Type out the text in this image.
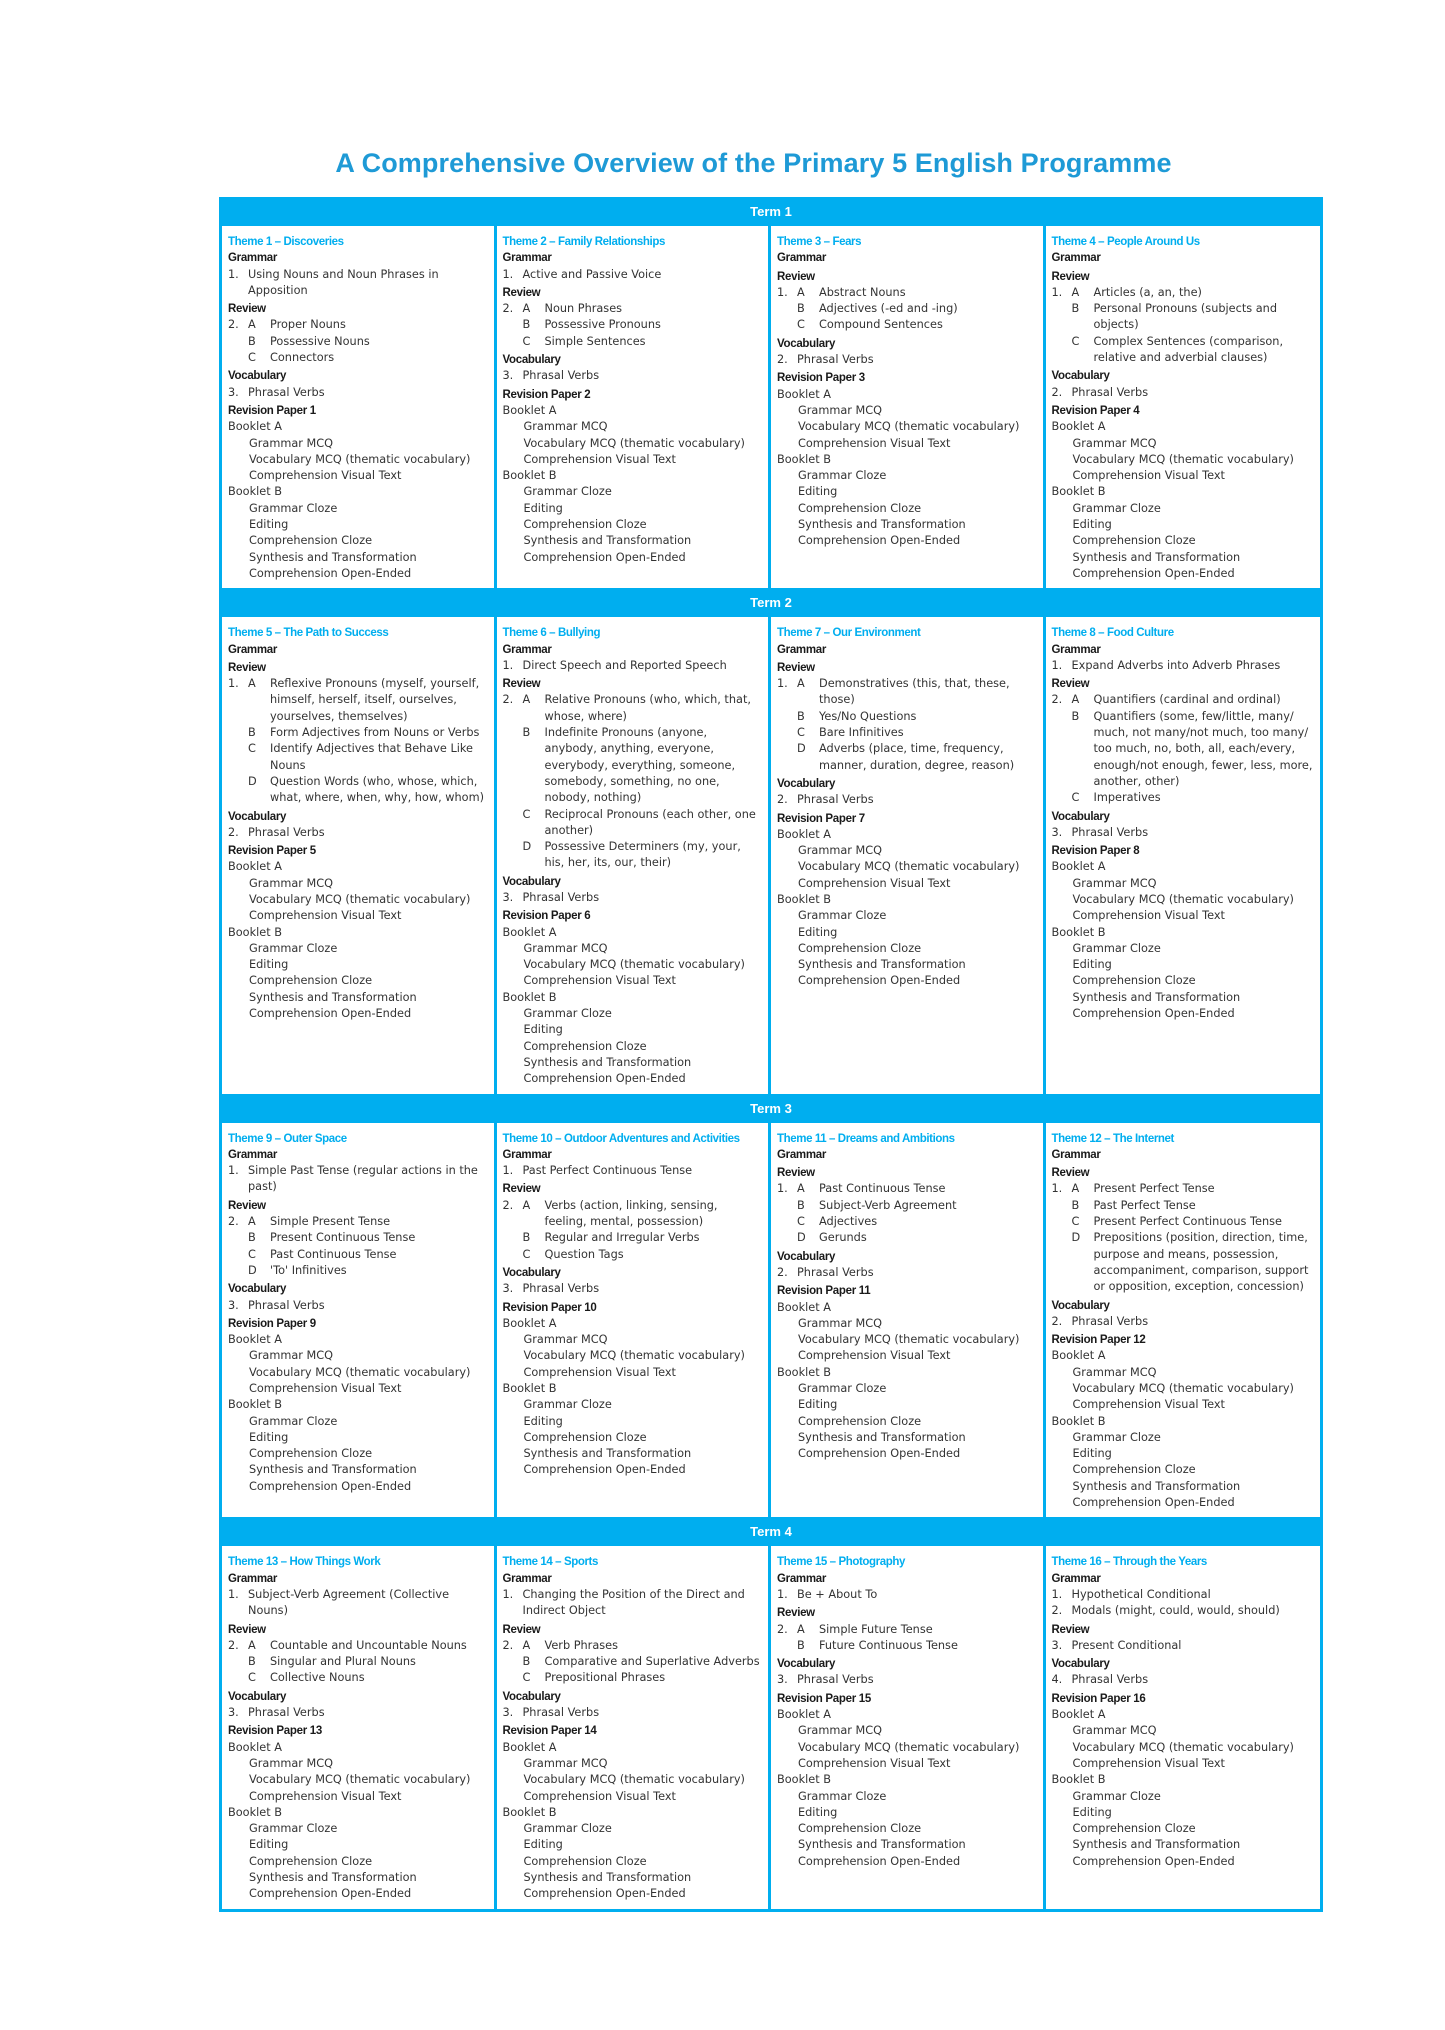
A Comprehensive Overview of the Primary 5 English Programme
Term 1
Theme 1 – Discoveries
Grammar
1. Using Nouns and Noun Phrases in Apposition
Review
2. A Proper Nouns
B Possessive Nouns
C Connectors
Vocabulary
3. Phrasal Verbs
Revision Paper 1
Booklet A
Grammar MCQ
Vocabulary MCQ (thematic vocabulary)
Comprehension Visual Text
Booklet B
Grammar Cloze
Editing
Comprehension Cloze
Synthesis and Transformation
Comprehension Open-Ended
Theme 2 – Family Relationships
Grammar
1. Active and Passive Voice
Review
2. A Noun Phrases
B Possessive Pronouns
C Simple Sentences
Vocabulary
3. Phrasal Verbs
Revision Paper 2
Booklet A
Grammar MCQ
Vocabulary MCQ (thematic vocabulary)
Comprehension Visual Text
Booklet B
Grammar Cloze
Editing
Comprehension Cloze
Synthesis and Transformation
Comprehension Open-Ended
Theme 3 – Fears
Grammar
Review
1. A Abstract Nouns
B Adjectives (-ed and -ing)
C Compound Sentences
Vocabulary
2. Phrasal Verbs
Revision Paper 3
Booklet A
Grammar MCQ
Vocabulary MCQ (thematic vocabulary)
Comprehension Visual Text
Booklet B
Grammar Cloze
Editing
Comprehension Cloze
Synthesis and Transformation
Comprehension Open-Ended
Theme 4 – People Around Us
Grammar
Review
1. A Articles (a, an, the)
B Personal Pronouns (subjects and objects)
C Complex Sentences (comparison, relative and adverbial clauses)
Vocabulary
2. Phrasal Verbs
Revision Paper 4
Booklet A
Grammar MCQ
Vocabulary MCQ (thematic vocabulary)
Comprehension Visual Text
Booklet B
Grammar Cloze
Editing
Comprehension Cloze
Synthesis and Transformation
Comprehension Open-Ended
Term 2
Theme 5 – The Path to Success
Grammar
Review
1. A Reflexive Pronouns (myself, yourself, himself, herself, itself, ourselves, yourselves, themselves)
B Form Adjectives from Nouns or Verbs
C Identify Adjectives that Behave Like Nouns
D Question Words (who, whose, which, what, where, when, why, how, whom)
Vocabulary
2. Phrasal Verbs
Revision Paper 5
Booklet A
Grammar MCQ
Vocabulary MCQ (thematic vocabulary)
Comprehension Visual Text
Booklet B
Grammar Cloze
Editing
Comprehension Cloze
Synthesis and Transformation
Comprehension Open-Ended
Theme 6 – Bullying
Grammar
1. Direct Speech and Reported Speech
Review
2. A Relative Pronouns (who, which, that, whose, where)
B Indefinite Pronouns (anyone, anybody, anything, everyone, everybody, everything, someone, somebody, something, no one, nobody, nothing)
C Reciprocal Pronouns (each other, one another)
D Possessive Determiners (my, your, his, her, its, our, their)
Vocabulary
3. Phrasal Verbs
Revision Paper 6
Booklet A
Grammar MCQ
Vocabulary MCQ (thematic vocabulary)
Comprehension Visual Text
Booklet B
Grammar Cloze
Editing
Comprehension Cloze
Synthesis and Transformation
Comprehension Open-Ended
Theme 7 – Our Environment
Grammar
Review
1. A Demonstratives (this, that, these, those)
B Yes/No Questions
C Bare Infinitives
D Adverbs (place, time, frequency, manner, duration, degree, reason)
Vocabulary
2. Phrasal Verbs
Revision Paper 7
Booklet A
Grammar MCQ
Vocabulary MCQ (thematic vocabulary)
Comprehension Visual Text
Booklet B
Grammar Cloze
Editing
Comprehension Cloze
Synthesis and Transformation
Comprehension Open-Ended
Theme 8 – Food Culture
Grammar
1. Expand Adverbs into Adverb Phrases
Review
2. A Quantifiers (cardinal and ordinal)
B Quantifiers (some, few/little, many/ much, not many/not much, too many/ too much, no, both, all, each/every, enough/not enough, fewer, less, more, another, other)
C Imperatives
Vocabulary
3. Phrasal Verbs
Revision Paper 8
Booklet A
Grammar MCQ
Vocabulary MCQ (thematic vocabulary)
Comprehension Visual Text
Booklet B
Grammar Cloze
Editing
Comprehension Cloze
Synthesis and Transformation
Comprehension Open-Ended
Term 3
Theme 9 – Outer Space
Grammar
1. Simple Past Tense (regular actions in the past)
Review
2. A Simple Present Tense
B Present Continuous Tense
C Past Continuous Tense
D 'To' Infinitives
Vocabulary
3. Phrasal Verbs
Revision Paper 9
Booklet A
Grammar MCQ
Vocabulary MCQ (thematic vocabulary)
Comprehension Visual Text
Booklet B
Grammar Cloze
Editing
Comprehension Cloze
Synthesis and Transformation
Comprehension Open-Ended
Theme 10 – Outdoor Adventures and Activities
Grammar
1. Past Perfect Continuous Tense
Review
2. A Verbs (action, linking, sensing, feeling, mental, possession)
B Regular and Irregular Verbs
C Question Tags
Vocabulary
3. Phrasal Verbs
Revision Paper 10
Booklet A
Grammar MCQ
Vocabulary MCQ (thematic vocabulary)
Comprehension Visual Text
Booklet B
Grammar Cloze
Editing
Comprehension Cloze
Synthesis and Transformation
Comprehension Open-Ended
Theme 11 – Dreams and Ambitions
Grammar
Review
1. A Past Continuous Tense
B Subject-Verb Agreement
C Adjectives
D Gerunds
Vocabulary
2. Phrasal Verbs
Revision Paper 11
Booklet A
Grammar MCQ
Vocabulary MCQ (thematic vocabulary)
Comprehension Visual Text
Booklet B
Grammar Cloze
Editing
Comprehension Cloze
Synthesis and Transformation
Comprehension Open-Ended
Theme 12 – The Internet
Grammar
Review
1. A Present Perfect Tense
B Past Perfect Tense
C Present Perfect Continuous Tense
D Prepositions (position, direction, time, purpose and means, possession, accompaniment, comparison, support or opposition, exception, concession)
Vocabulary
2. Phrasal Verbs
Revision Paper 12
Booklet A
Grammar MCQ
Vocabulary MCQ (thematic vocabulary)
Comprehension Visual Text
Booklet B
Grammar Cloze
Editing
Comprehension Cloze
Synthesis and Transformation
Comprehension Open-Ended
Term 4
Theme 13 – How Things Work
Grammar
1. Subject-Verb Agreement (Collective Nouns)
Review
2. A Countable and Uncountable Nouns
B Singular and Plural Nouns
C Collective Nouns
Vocabulary
3. Phrasal Verbs
Revision Paper 13
Booklet A
Grammar MCQ
Vocabulary MCQ (thematic vocabulary)
Comprehension Visual Text
Booklet B
Grammar Cloze
Editing
Comprehension Cloze
Synthesis and Transformation
Comprehension Open-Ended
Theme 14 – Sports
Grammar
1. Changing the Position of the Direct and Indirect Object
Review
2. A Verb Phrases
B Comparative and Superlative Adverbs
C Prepositional Phrases
Vocabulary
3. Phrasal Verbs
Revision Paper 14
Booklet A
Grammar MCQ
Vocabulary MCQ (thematic vocabulary)
Comprehension Visual Text
Booklet B
Grammar Cloze
Editing
Comprehension Cloze
Synthesis and Transformation
Comprehension Open-Ended
Theme 15 – Photography
Grammar
1. Be + About To
Review
2. A Simple Future Tense
B Future Continuous Tense
Vocabulary
3. Phrasal Verbs
Revision Paper 15
Booklet A
Grammar MCQ
Vocabulary MCQ (thematic vocabulary)
Comprehension Visual Text
Booklet B
Grammar Cloze
Editing
Comprehension Cloze
Synthesis and Transformation
Comprehension Open-Ended
Theme 16 – Through the Years
Grammar
1. Hypothetical Conditional
2. Modals (might, could, would, should)
Review
3. Present Conditional
Vocabulary
4. Phrasal Verbs
Revision Paper 16
Booklet A
Grammar MCQ
Vocabulary MCQ (thematic vocabulary)
Comprehension Visual Text
Booklet B
Grammar Cloze
Editing
Comprehension Cloze
Synthesis and Transformation
Comprehension Open-Ended
